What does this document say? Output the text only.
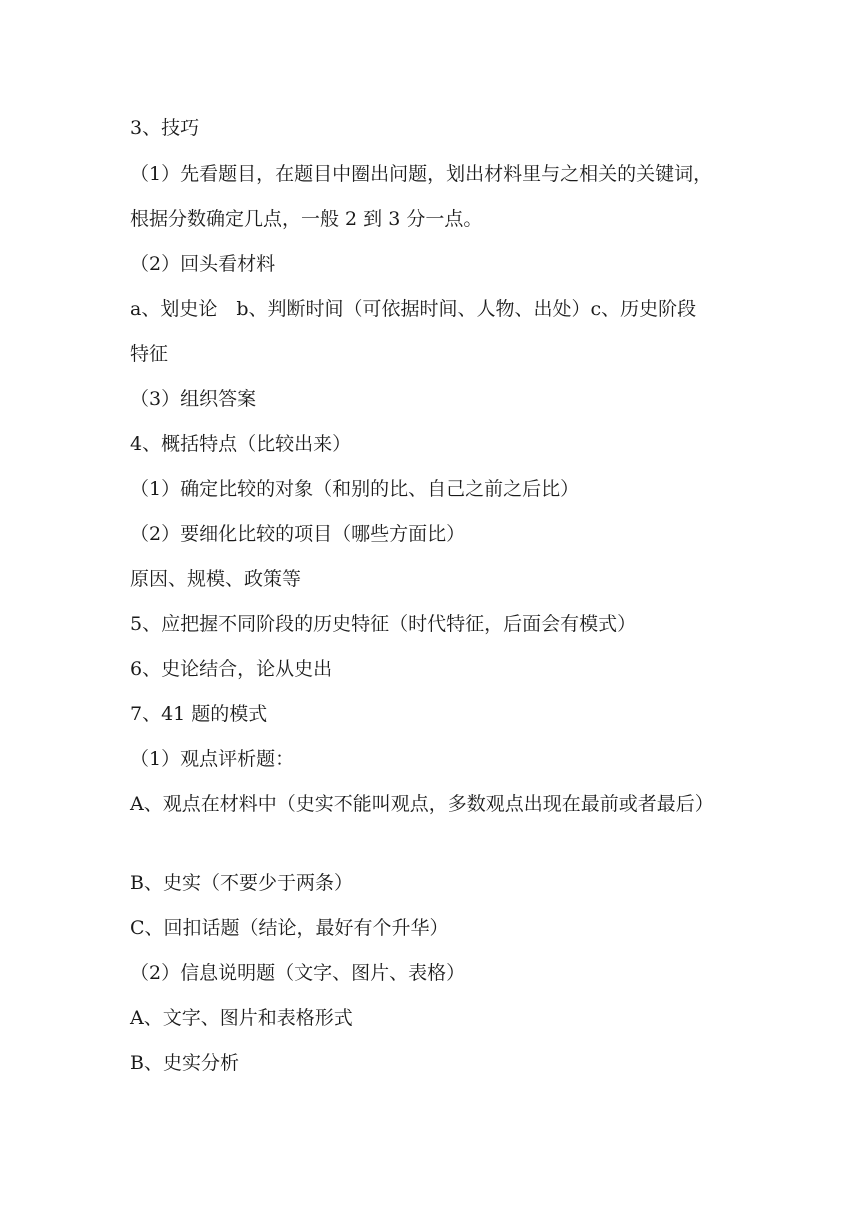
3、技巧
（1）先看题目，在题目中圈出问题，划出材料里与之相关的关键词，
根据分数确定几点，一般 2 到 3 分一点。
（2）回头看材料
a、划史论　b、判断时间（可依据时间、人物、出处）c、历史阶段
特征
（3）组织答案
4、概括特点（比较出来）
（1）确定比较的对象（和别的比、自己之前之后比）
（2）要细化比较的项目（哪些方面比）
原因、规模、政策等
5、应把握不同阶段的历史特征（时代特征，后面会有模式）
6、史论结合，论从史出
7、41 题的模式
（1）观点评析题：
A、观点在材料中（史实不能叫观点，多数观点出现在最前或者最后）
B、史实（不要少于两条）
C、回扣话题（结论，最好有个升华）
（2）信息说明题（文字、图片、表格）
A、文字、图片和表格形式
B、史实分析
